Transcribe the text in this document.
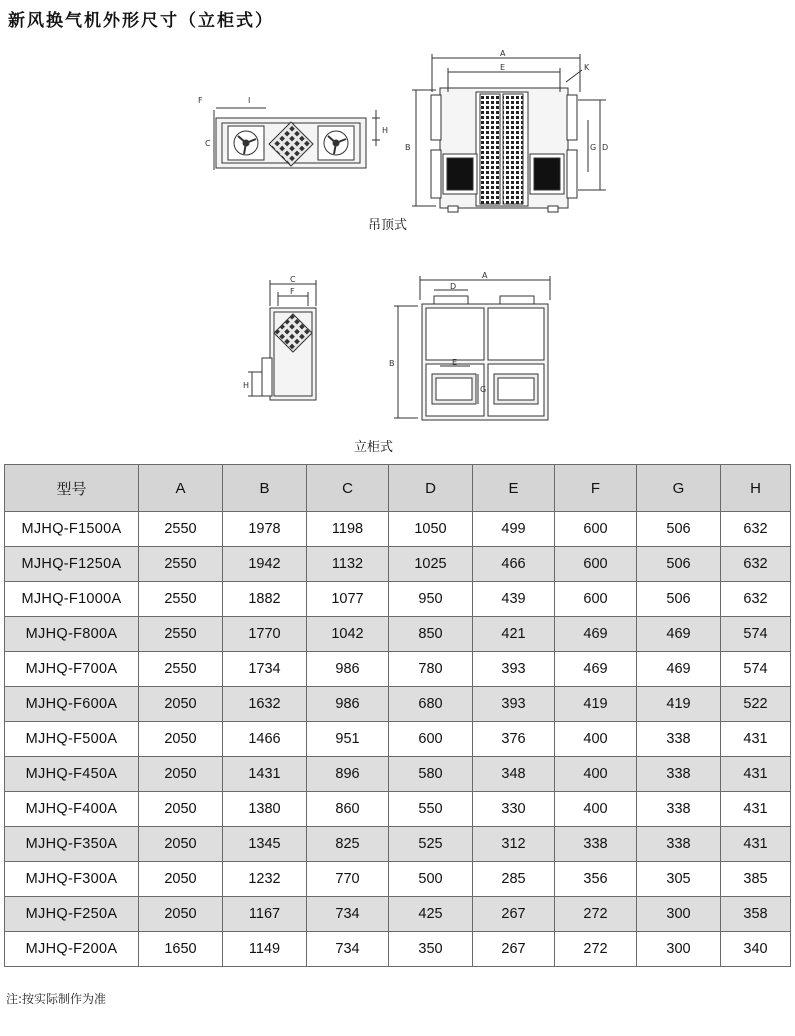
新风换气机外形尺寸（立柜式）
F	I
C
H
A
E	K
B	D
G
C
F
H
A
D
B	E
G
吊顶式
立柜式
型号	A	B	C	D	E	F	G	H
MJHQ-F1500A	2550	1978	1198	1050	499	600	506	632
MJHQ-F1250A	2550	1942	1132	1025	466	600	506	632
MJHQ-F1000A	2550	1882	1077	950	439	600	506	632
MJHQ-F800A	2550	1770	1042	850	421	469	469	574
MJHQ-F700A	2550	1734	986	780	393	469	469	574
MJHQ-F600A	2050	1632	986	680	393	419	419	522
MJHQ-F500A	2050	1466	951	600	376	400	338	431
MJHQ-F450A	2050	1431	896	580	348	400	338	431
MJHQ-F400A	2050	1380	860	550	330	400	338	431
MJHQ-F350A	2050	1345	825	525	312	338	338	431
MJHQ-F300A	2050	1232	770	500	285	356	305	385
MJHQ-F250A	2050	1167	734	425	267	272	300	358
MJHQ-F200A	1650	1149	734	350	267	272	300	340
注:按实际制作为准
